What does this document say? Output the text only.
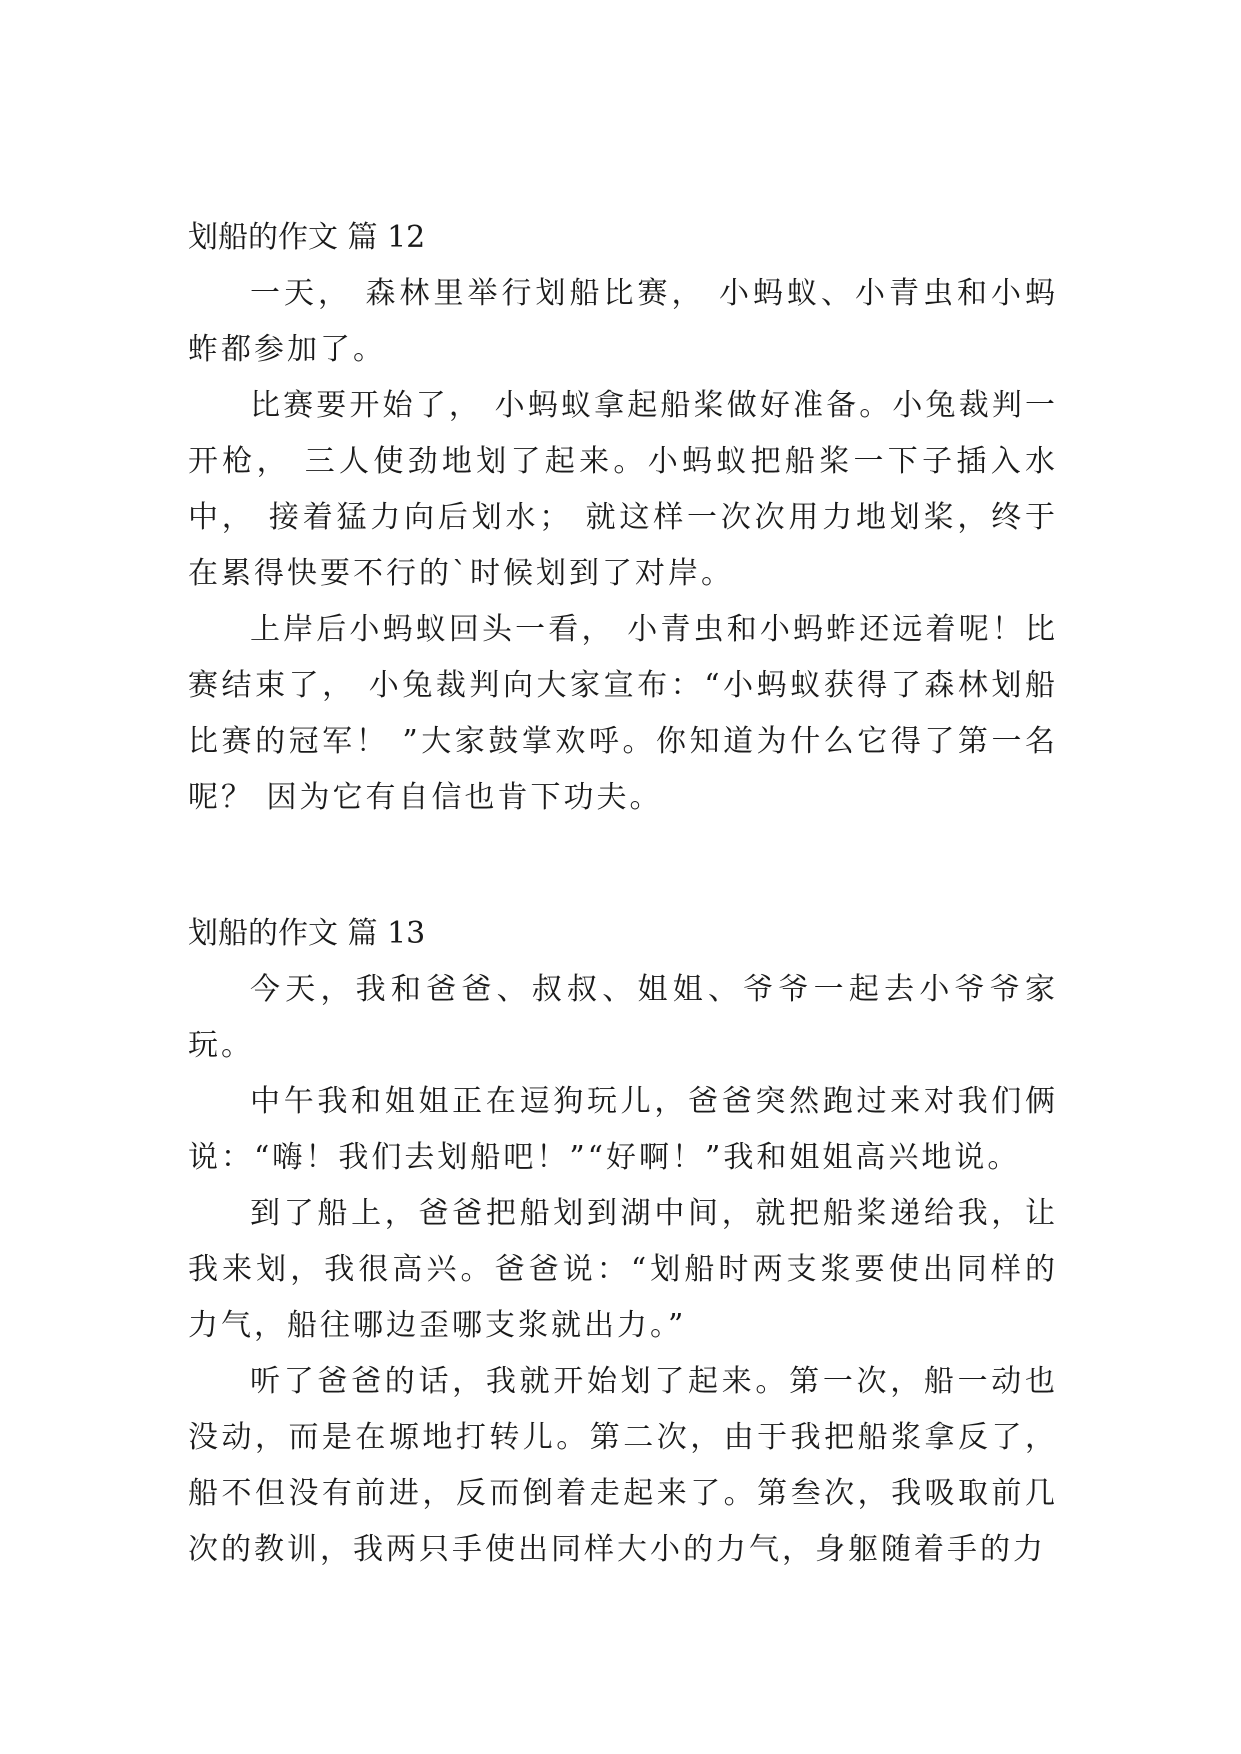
划船的作文 篇 12

一天， 森林里举行划船比赛， 小蚂蚁、小青虫和小蚂蚱都参加了。

比赛要开始了， 小蚂蚁拿起船桨做好准备。小兔裁判一开枪， 三人使劲地划了起来。小蚂蚁把船桨一下子插入水中， 接着猛力向后划水； 就这样一次次用力地划桨，终于在累得快要不行的`时候划到了对岸。

上岸后小蚂蚁回头一看， 小青虫和小蚂蚱还远着呢！比赛结束了， 小兔裁判向大家宣布：“小蚂蚁获得了森林划船比赛的冠军！ ”大家鼓掌欢呼。你知道为什么它得了第一名呢？ 因为它有自信也肯下功夫。

划船的作文 篇 13

今天，我和爸爸、叔叔、姐姐、爷爷一起去小爷爷家玩。

中午我和姐姐正在逗狗玩儿，爸爸突然跑过来对我们俩说：“嗨！我们去划船吧！”“好啊！”我和姐姐高兴地说。

到了船上，爸爸把船划到湖中间，就把船桨递给我，让我来划，我很高兴。爸爸说：“划船时两支浆要使出同样的力气，船往哪边歪哪支浆就出力。”

听了爸爸的话，我就开始划了起来。第一次，船一动也没动，而是在塬地打转儿。第二次，由于我把船浆拿反了，船不但没有前进，反而倒着走起来了。第叁次，我吸取前几次的教训，我两只手使出同样大小的力气，身躯随着手的力
